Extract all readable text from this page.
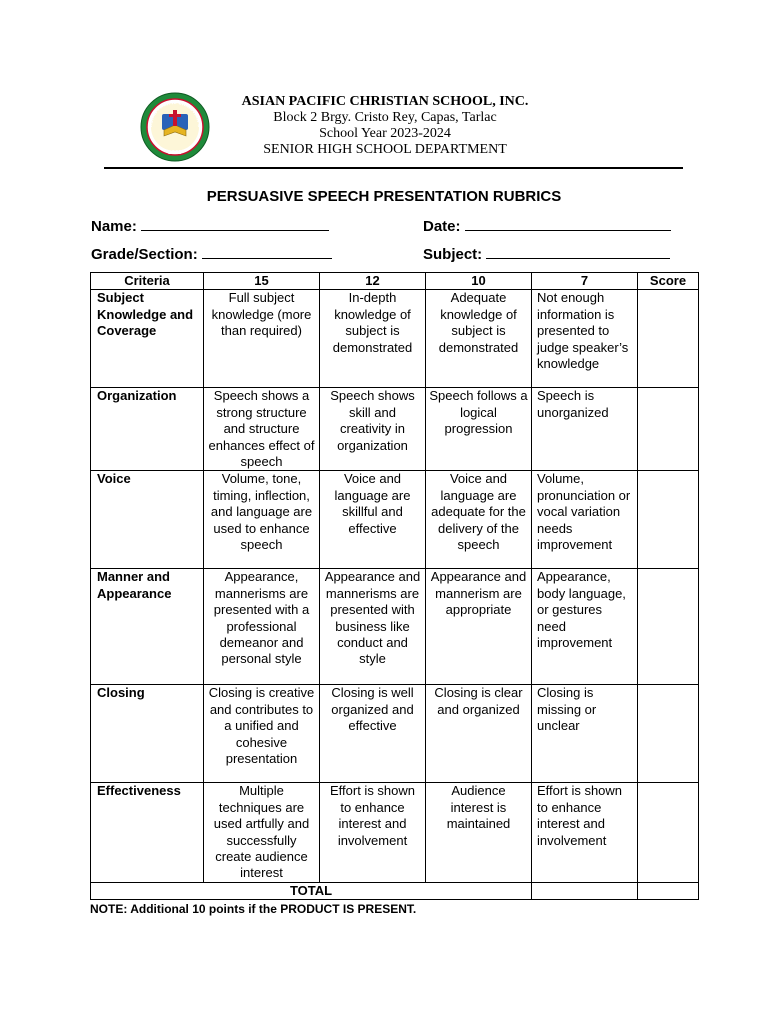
ASIAN PACIFIC CHRISTIAN S
2005
ASIAN PACIFIC CHRISTIAN SCHOOL, INC.
Block 2 Brgy. Cristo Rey, Capas, Tarlac
School Year 2023-2024
SENIOR HIGH SCHOOL DEPARTMENT
PERSUASIVE SPEECH PRESENTATION RUBRICS
Name:	Date:
Grade/Section:	Subject:
Criteria	15	12	10	7	Score
Subject Knowledge and Coverage	Full subject knowledge (more than required)	In-depth knowledge of subject is demonstrated	Adequate knowledge of subject is demonstrated	Not enough information is presented to judge speaker’s knowledge	
Organization	Speech shows a strong structure and structure enhances effect of speech	Speech shows skill and creativity in organization	Speech follows a logical progression	Speech is unorganized	
Voice	Volume, tone, timing, inflection, and language are used to enhance speech	Voice and language are skillful and effective	Voice and language are adequate for the delivery of the speech	Volume, pronunciation or vocal variation needs improvement	
Manner and Appearance	Appearance, mannerisms are presented with a professional demeanor and personal style	Appearance and mannerisms are presented with business like conduct and style	Appearance and mannerism are appropriate	Appearance, body language, or gestures need improvement	
Closing	Closing is creative and contributes to a unified and cohesive presentation	Closing is well organized and effective	Closing is clear and organized	Closing is missing or unclear	
Effectiveness	Multiple techniques are used artfully and successfully create audience interest	Effort is shown to enhance interest and involvement	Audience interest is maintained	Effort is shown to enhance interest and involvement	
TOTAL					
NOTE: Additional 10 points if the PRODUCT IS PRESENT.
